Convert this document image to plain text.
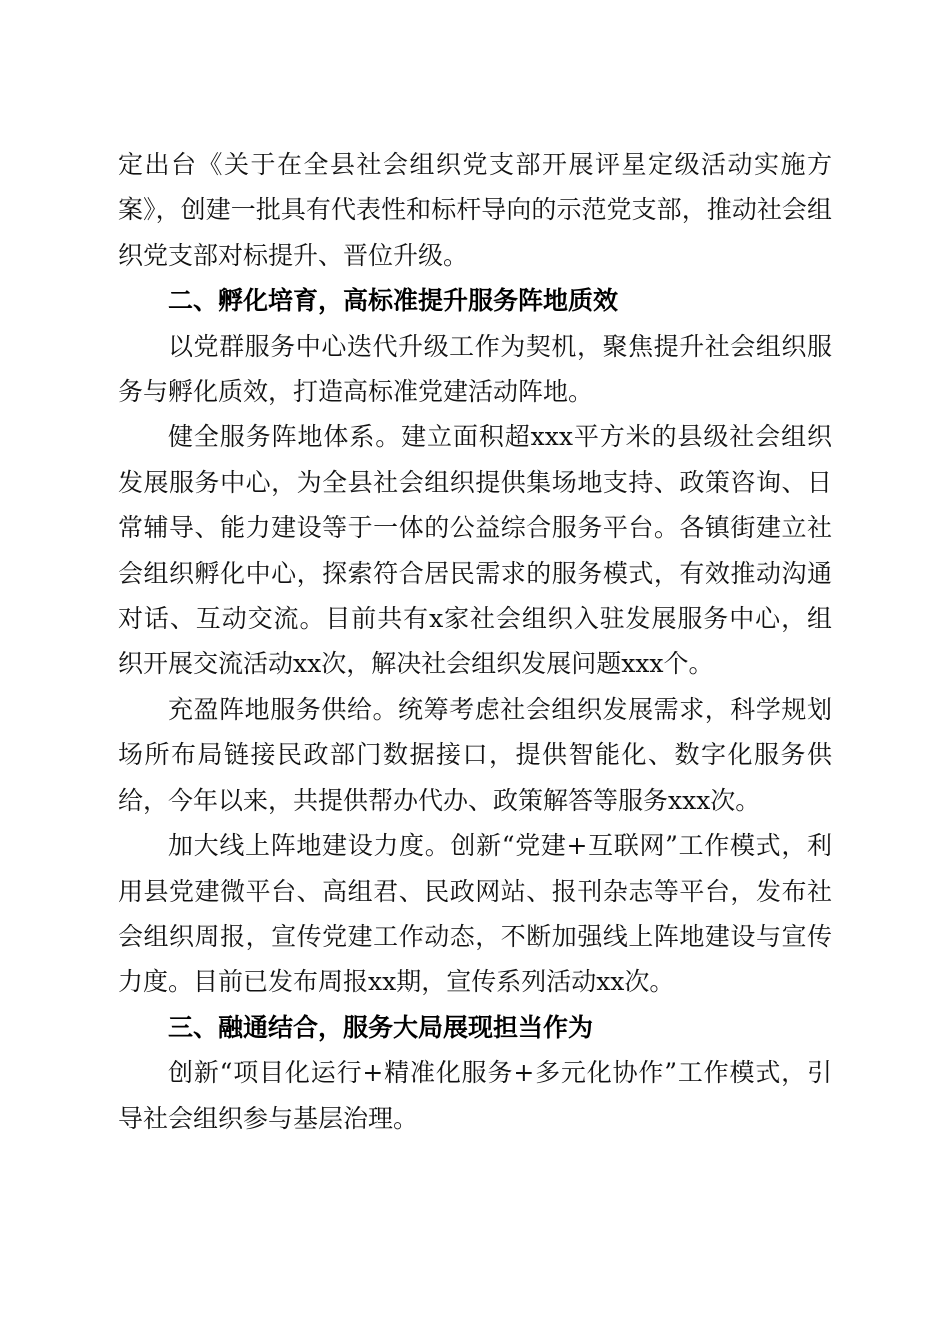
定出台《关于在全县社会组织党支部开展评星定级活动实施方案》，创建一批具有代表性和标杆导向的示范党支部，推动社会组织党支部对标提升、晋位升级。

二、孵化培育，高标准提升服务阵地质效

以党群服务中心迭代升级工作为契机，聚焦提升社会组织服务与孵化质效，打造高标准党建活动阵地。

健全服务阵地体系。建立面积超xxx平方米的县级社会组织发展服务中心，为全县社会组织提供集场地支持、政策咨询、日常辅导、能力建设等于一体的公益综合服务平台。各镇街建立社会组织孵化中心，探索符合居民需求的服务模式，有效推动沟通对话、互动交流。目前共有x家社会组织入驻发展服务中心，组织开展交流活动xx次，解决社会组织发展问题xxx个。

充盈阵地服务供给。统筹考虑社会组织发展需求，科学规划场所布局链接民政部门数据接口，提供智能化、数字化服务供给，今年以来，共提供帮办代办、政策解答等服务xxx次。

加大线上阵地建设力度。创新“党建+互联网”工作模式，利用县党建微平台、高组君、民政网站、报刊杂志等平台，发布社会组织周报，宣传党建工作动态，不断加强线上阵地建设与宣传力度。目前已发布周报xx期，宣传系列活动xx次。

三、融通结合，服务大局展现担当作为

创新“项目化运行+精准化服务+多元化协作”工作模式，引导社会组织参与基层治理。
